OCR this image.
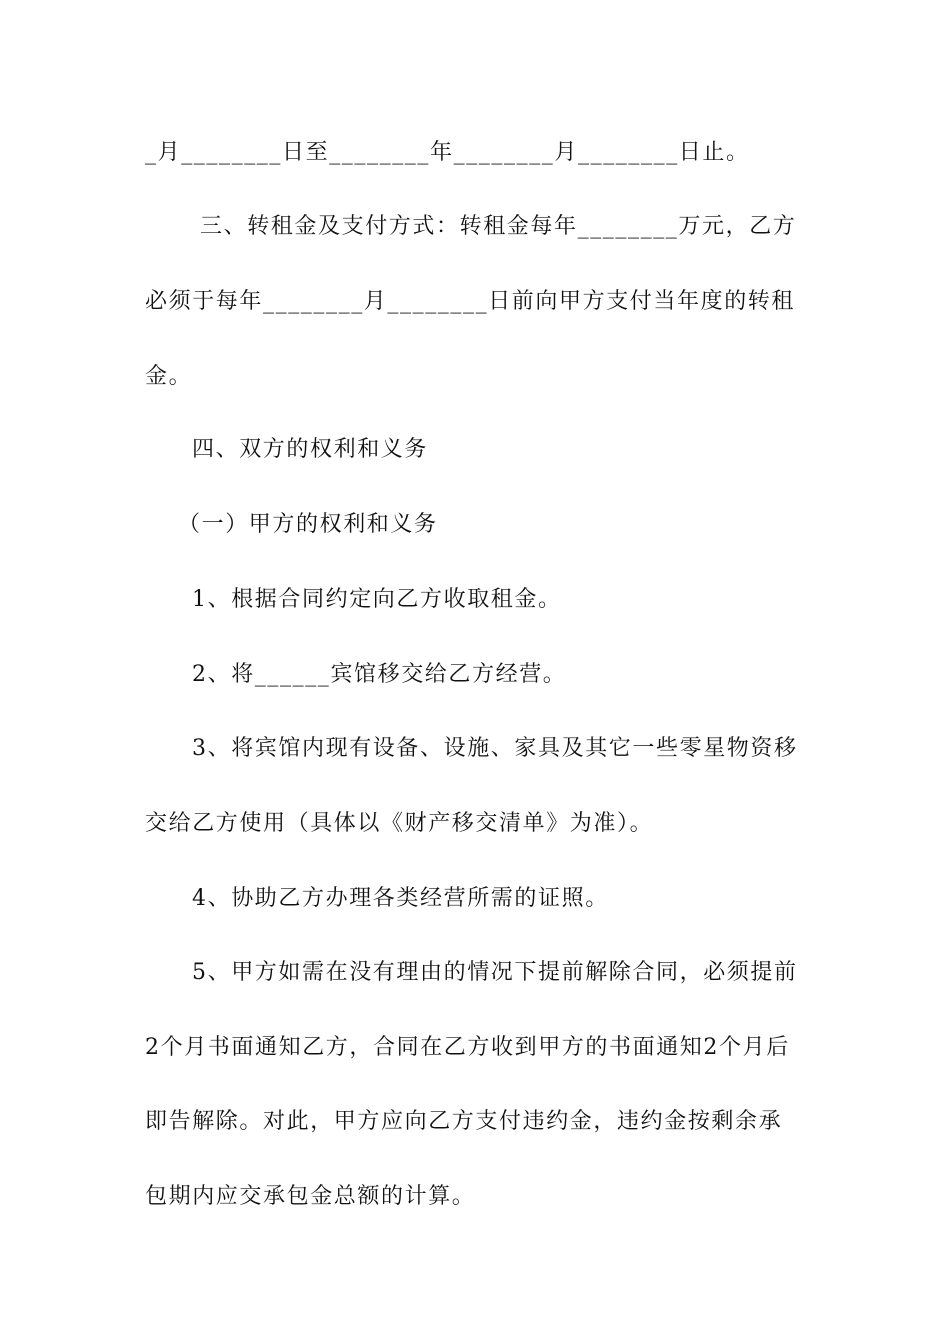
_月________日至________年________月________日止。
三、转租金及支付方式：转租金每年________万元，乙方
必须于每年________月________日前向甲方支付当年度的转租
金。
四、双方的权利和义务
（一）甲方的权利和义务
1、根据合同约定向乙方收取租金。
2、将______宾馆移交给乙方经营。
3、将宾馆内现有设备、设施、家具及其它一些零星物资移
交给乙方使用（具体以《财产移交清单》为准）。
4、协助乙方办理各类经营所需的证照。
5、甲方如需在没有理由的情况下提前解除合同，必须提前
2个月书面通知乙方，合同在乙方收到甲方的书面通知2个月后
即告解除。对此，甲方应向乙方支付违约金，违约金按剩余承
包期内应交承包金总额的计算。
